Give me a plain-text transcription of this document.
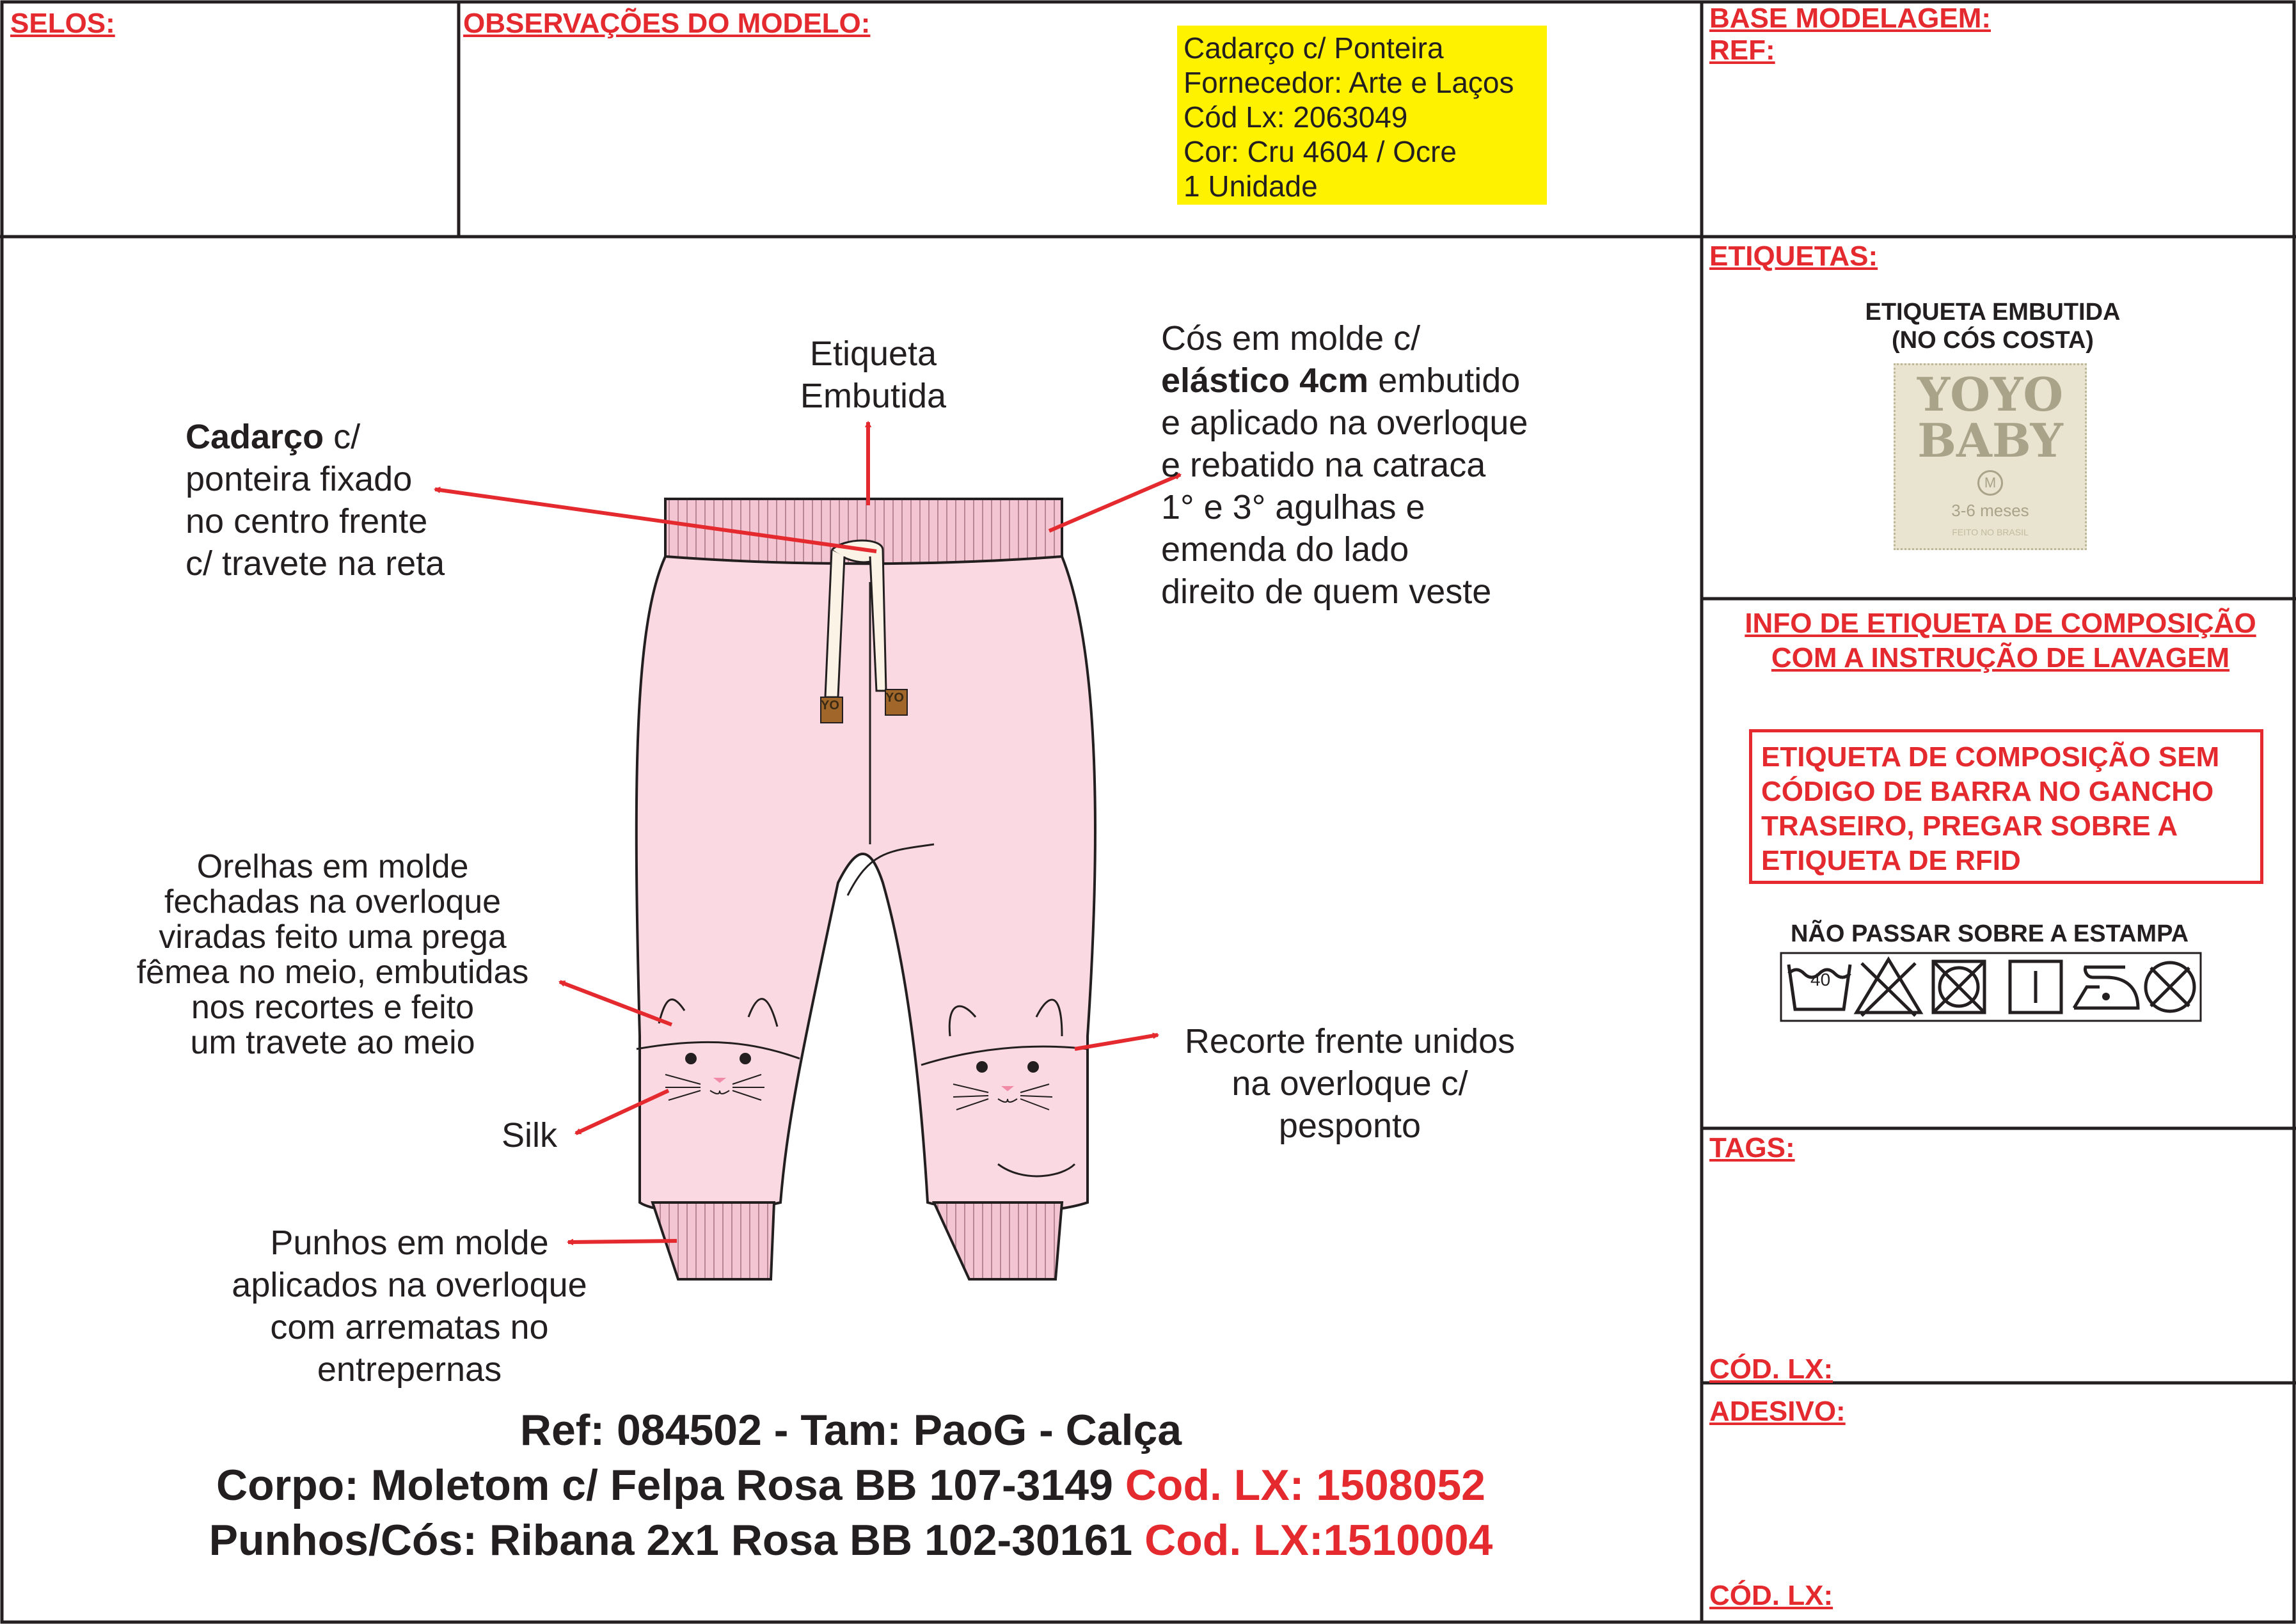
SELOS:	OBSERVAÇÕES DO MODELO:	BASE MODELAGEM:
REF:
Cadarço c/ Ponteira
Fornecedor: Arte e Laços
Cód Lx: 2063049
Cor: Cru 4604 / Ocre
1 Unidade
YO
YO
Etiqueta
Embutida
Cadarço c/
ponteira fixado
no centro frente
c/ travete na reta
Cós em molde c/
elástico 4cm embutido
e aplicado na overloque
e rebatido na catraca
1° e 3° agulhas e
emenda do lado
direito de quem veste
Orelhas em molde
fechadas na overloque
viradas feito uma prega
fêmea no meio, embutidas
nos recortes e feito
um travete ao meio
Silk
Recorte frente unidos
na overloque c/
pesponto
Punhos em molde
aplicados na overloque
com arrematas no
entrepernas
Ref: 084502 - Tam: PaoG - Calça
Corpo: Moletom c/ Felpa Rosa BB 107-3149 Cod. LX: 1508052
Punhos/Cós: Ribana 2x1 Rosa BB 102-30161 Cod. LX:1510004
ETIQUETAS:
ETIQUETA EMBUTIDA
(NO CÓS COSTA)
YOYO
BABY
M
3-6 meses
FEITO NO BRASIL
INFO DE ETIQUETA DE COMPOSIÇÃO
COM A INSTRUÇÃO DE LAVAGEM
ETIQUETA DE COMPOSIÇÃO SEM
CÓDIGO DE BARRA NO GANCHO
TRASEIRO, PREGAR SOBRE A
ETIQUETA DE RFID
NÃO PASSAR SOBRE A ESTAMPA
40
TAGS:
CÓD. LX:
ADESIVO:
CÓD. LX:
